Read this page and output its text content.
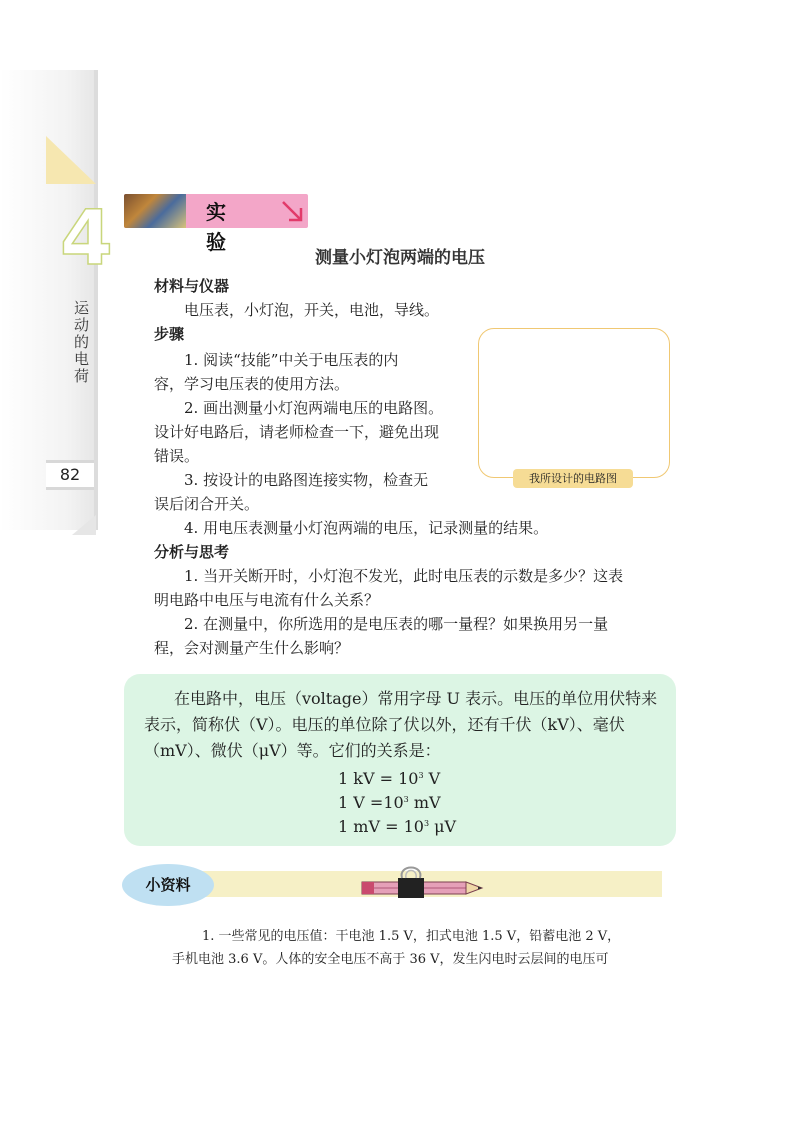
4
运动的电荷
82
实 验
测量小灯泡两端的电压
材料与仪器
电压表，小灯泡，开关，电池，导线。
步骤
1. 阅读“技能”中关于电压表的内
容，学习电压表的使用方法。
2. 画出测量小灯泡两端电压的电路图。
设计好电路后，请老师检查一下，避免出现
错误。
3. 按设计的电路图连接实物，检查无
误后闭合开关。
4. 用电压表测量小灯泡两端的电压，记录测量的结果。
我所设计的电路图
分析与思考
1. 当开关断开时，小灯泡不发光，此时电压表的示数是多少？这表
明电路中电压与电流有什么关系？
2. 在测量中，你所选用的是电压表的哪一量程？如果换用另一量
程，会对测量产生什么影响？
在电路中，电压（voltage）常用字母 U 表示。电压的单位用伏特来
表示，简称伏（V）。电压的单位除了伏以外，还有千伏（kV）、毫伏
（mV）、微伏（μV）等。它们的关系是：
1 kV = $10^3$ V
1 $V =10^3$ mV
1 mV = $10^3$ μV
小资料
1. 一些常见的电压值：干电池 1.5 V，扣式电池 1.5 V，铅蓄电池 2 V，
手机电池 3.6 V。人体的安全电压不高于 36 V，发生闪电时云层间的电压可
